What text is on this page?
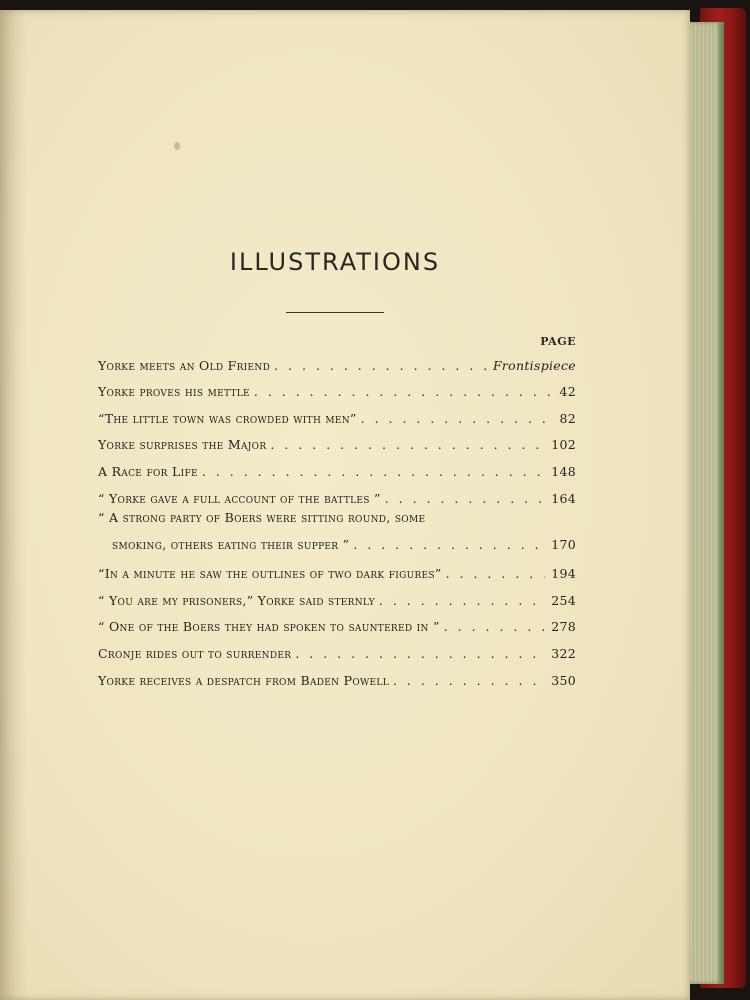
ILLUSTRATIONS
PAGE
Yorke meets an Old Friend . . .	Frontispiece
Yorke proves his mettle . . .	42
“The little town was crowded with men” . . .	82
Yorke surprises the Major . . .	102
A Race for Life . . .	148
“ Yorke gave a full account of the battles ” . . .	164
“ A strong party of Boers were sitting round, some
smoking, others eating their supper ” . . .	170
“In a minute he saw the outlines of two dark figures” . . .	194
“ You are my prisoners,” Yorke said sternly . . .	254
“ One of the Boers they had spoken to sauntered in ” . . .	278
Cronje rides out to surrender . . .	322
Yorke receives a despatch from Baden Powell . . .	350
